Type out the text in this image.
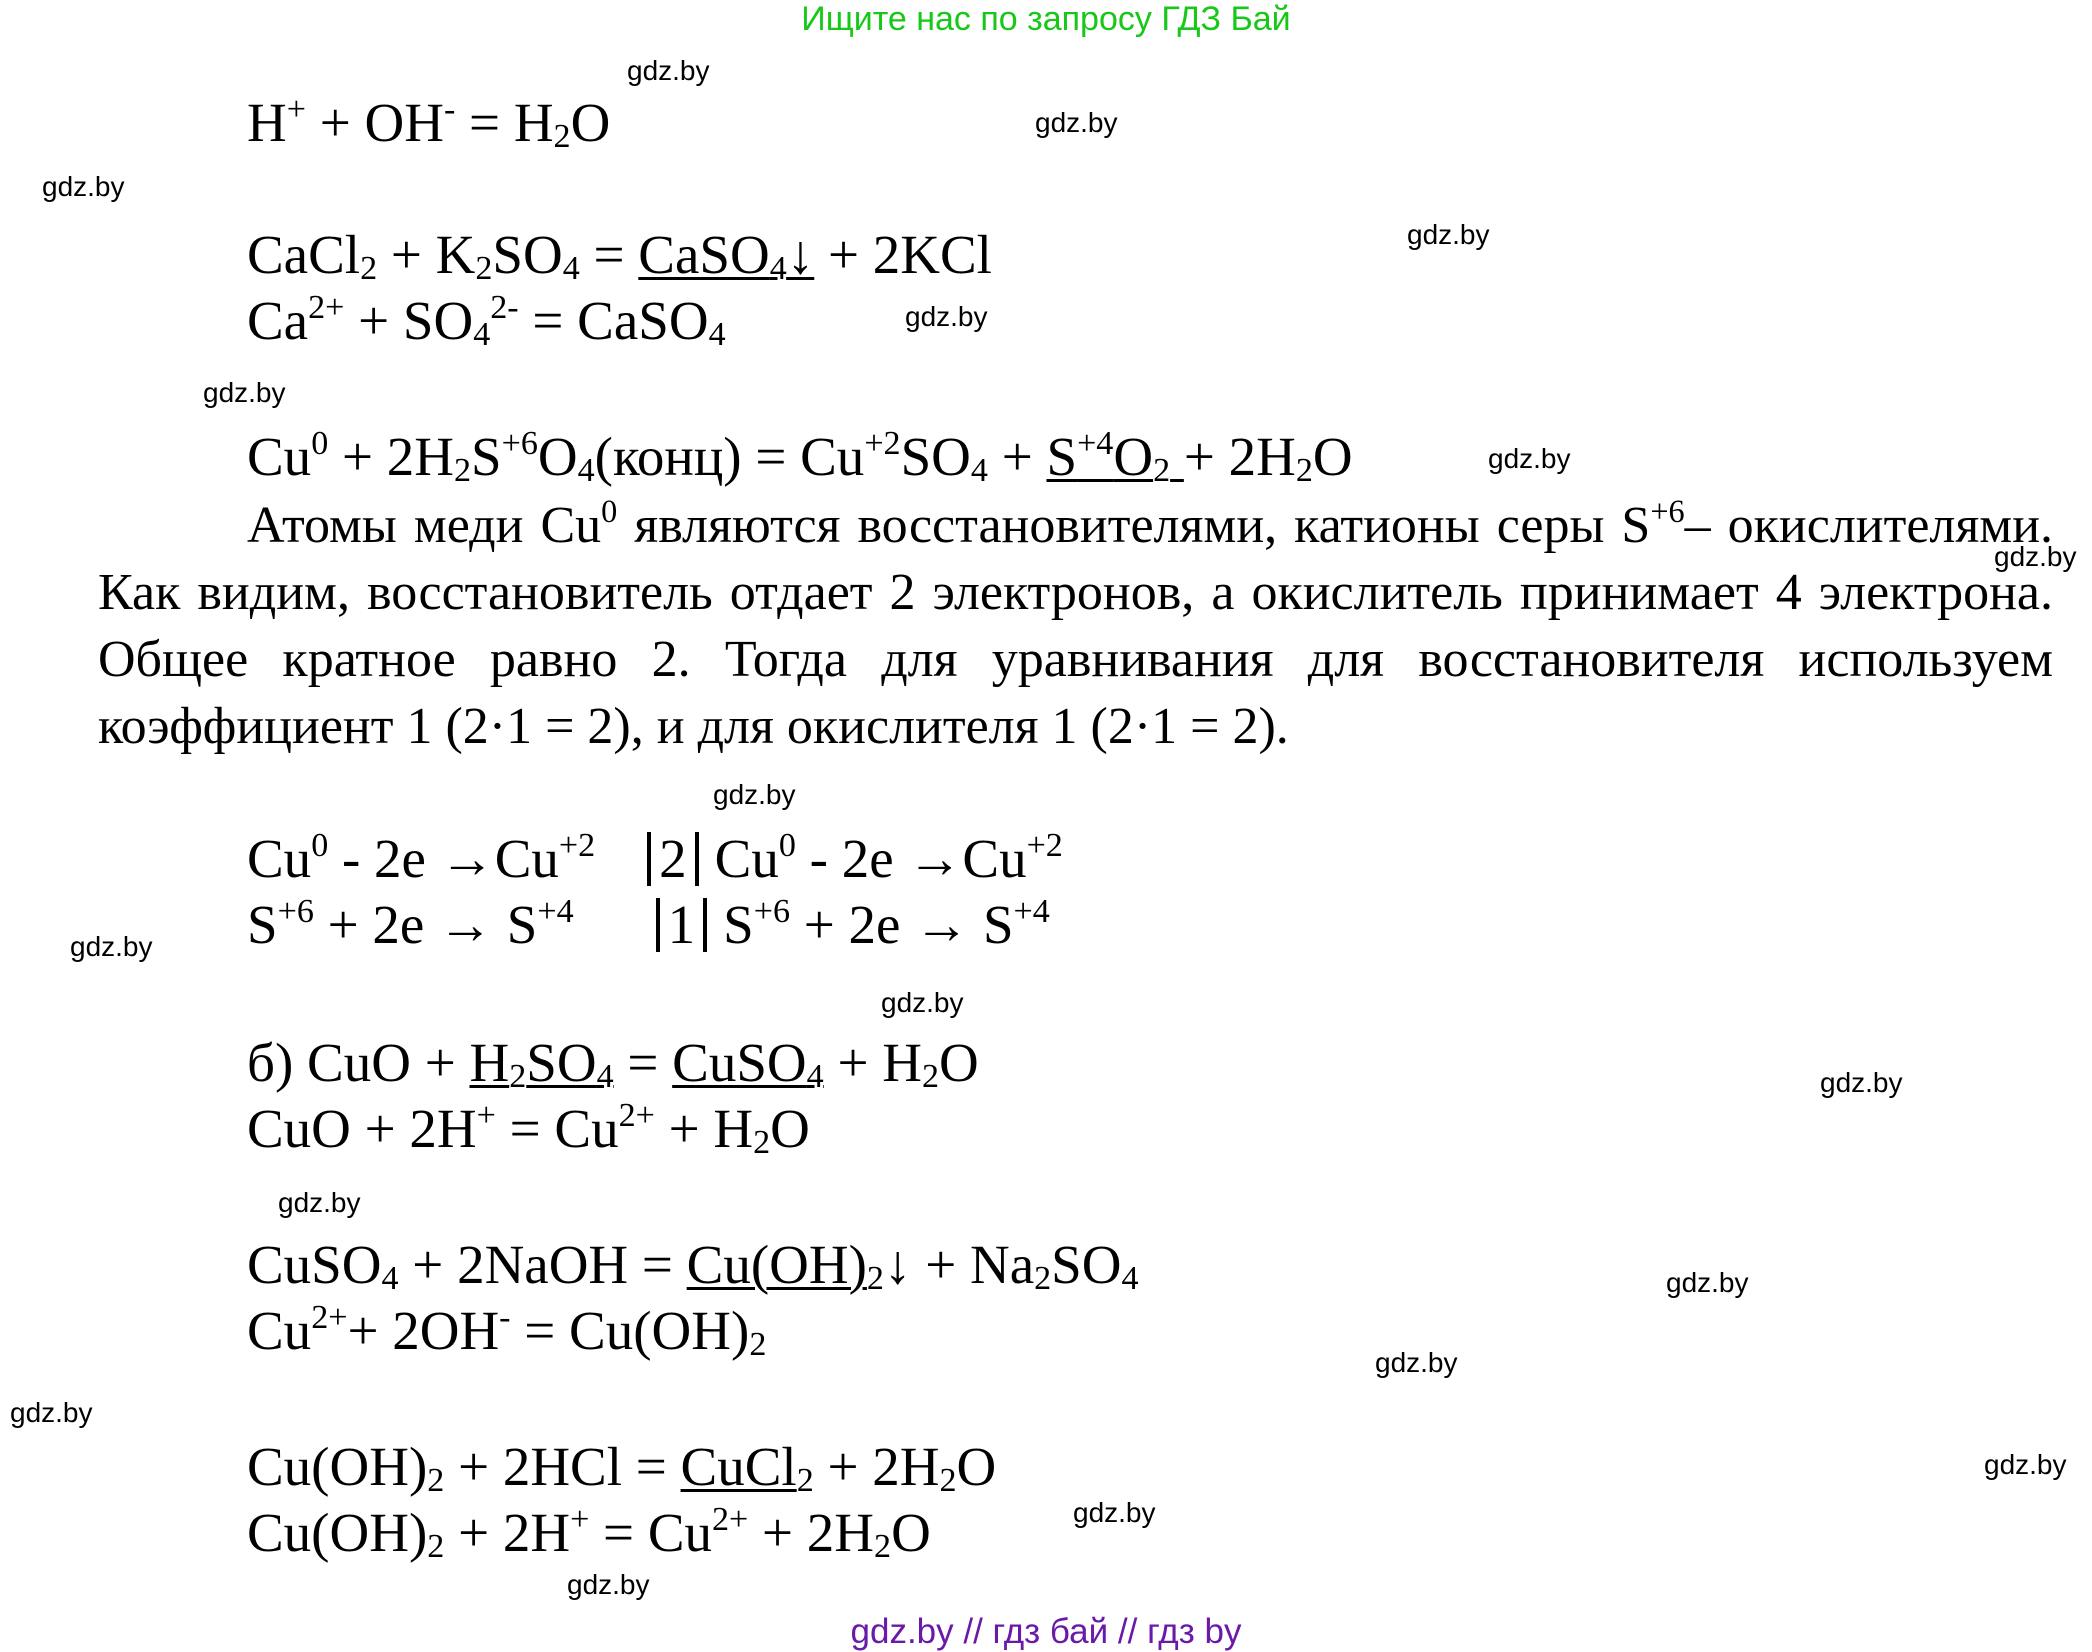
Ищите нас по запросу ГДЗ Бай
gdz.by
gdz.by
gdz.by
gdz.by
gdz.by
gdz.by
gdz.by
gdz.by
gdz.by
gdz.by
gdz.by
gdz.by
gdz.by
gdz.by
gdz.by
gdz.by
gdz.by
gdz.by
gdz.by
$H^+ + OH^- = H_2O$
CaCl$_2$ + $K_2SO_4$ = CaSO$_4$↓ + 2KCl
$Ca^{2+} + SO_4^{2-}$ = CaSO$_4$
$Cu^0$ + $2H_2S^{+6}O_4(конц) = Cu^{+2}SO_4 + S^{+4}O_2 + 2H_2O$
Атомы меди Cu$^0$ являются восстановителями, катионы серы $S^{+6}-$ окислителями. Как видим, восстановитель отдает 2 электронов, а окислитель принимает 4 электрона. Общее кратное равно 2. Тогда для уравнивания для восстановителя используем коэффициент 1 (2·1 = 2), и для окислителя 1 (2·1 = 2).
$Cu^0 - 2e \to Cu^{+2}$ 2 $Cu^0 - 2e \to Cu^{+2}$
$S^{+6} + 2e \to S^{+4}$ 1 $S^{+6} + 2e \to S^{+4}$
б) CuO + $H_2SO_4$ = CuSO$_4$ + $H_2O$
CuO + $2H^+ = Cu^{2+} + H_2O$
CuSO$_4$ + 2NaOH = $Cu(OH)_2↓ + Na_2SO_4$
$Cu^{2+}+ 2OH^- = Cu(OH)_2$
$Cu(OH)_2 + 2HCl$ = CuCl$_2$ + $2H_2O$
$Cu(OH)_2 + 2H^+ = Cu^{2+} + 2H_2O$
gdz.by // гдз бай // гдз by
